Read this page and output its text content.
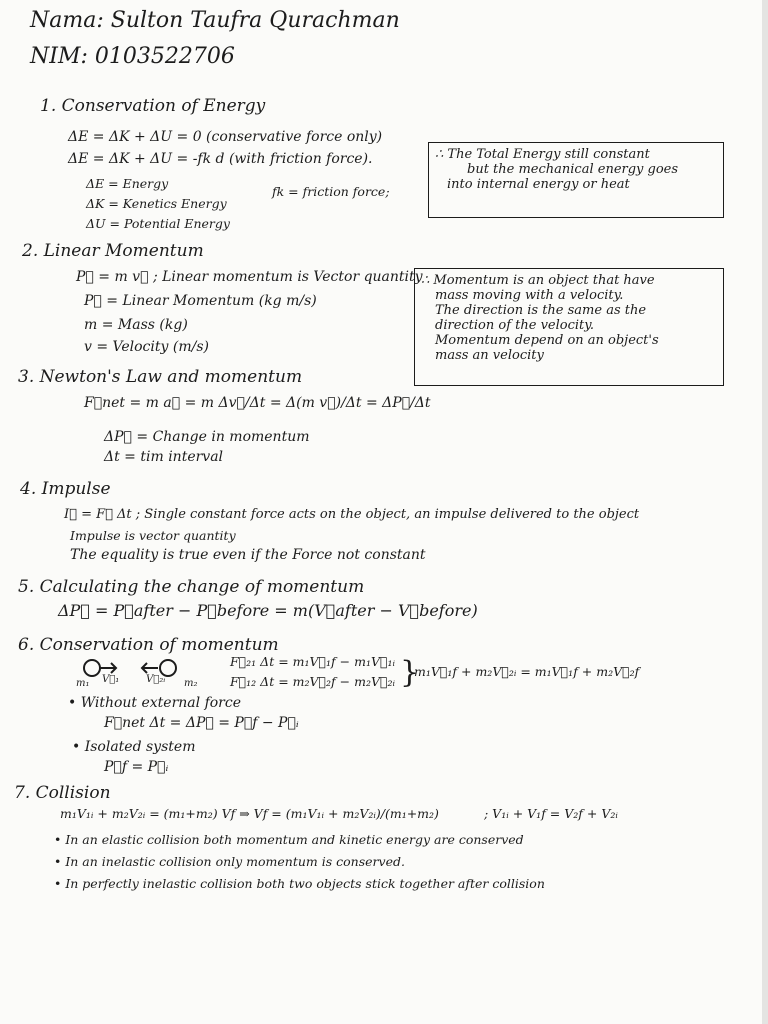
Nama: Sulton Taufra Qurachman
NIM: 0103522706
1. Conservation of Energy
ΔE = ΔK + ΔU = 0 (conservative force only)
ΔE = ΔK + ΔU = -fk d (with friction force).
ΔE = Energy
ΔK = Kenetics Energy
ΔU = Potential Energy
fk = friction force;
∴ The Total Energy still constant
but the mechanical energy goes
into internal energy or heat
2. Linear Momentum
P⃗ = m v⃗ ; Linear momentum is Vector quantity
P⃗ = Linear Momentum (kg m/s)
m = Mass (kg)
v = Velocity (m/s)
∴ Momentum is an object that have
mass moving with a velocity.
The direction is the same as the
direction of the velocity.
Momentum depend on an object's
mass an velocity
3. Newton's Law and momentum
F⃗net = m a⃗ = m Δv⃗/Δt = Δ(m v⃗)/Δt = ΔP⃗/Δt
ΔP⃗ = Change in momentum
Δt = tim interval
4. Impulse
I⃗ = F⃗ Δt ; Single constant force acts on the object, an impulse delivered to the object
Impulse is vector quantity
The equality is true even if the Force not constant
5. Calculating the change of momentum
ΔP⃗ = P⃗after − P⃗before = m(V⃗after − V⃗before)
6. Conservation of momentum
m₁ V⃗₁	V⃗₂ᵢ m₂
F⃗₂₁ Δt = m₁V⃗₁f − m₁V⃗₁ᵢ
F⃗₁₂ Δt = m₂V⃗₂f − m₂V⃗₂ᵢ }
m₁V⃗₁f + m₂V⃗₂ᵢ = m₁V⃗₁f + m₂V⃗₂f
• Without external force
F⃗net Δt = ΔP⃗ = P⃗f − P⃗ᵢ
• Isolated system
P⃗f = P⃗ᵢ
7. Collision
m₁V₁ᵢ + m₂V₂ᵢ = (m₁+m₂) Vf ⇒ Vf = (m₁V₁ᵢ + m₂V₂ᵢ)/(m₁+m₂)	; V₁ᵢ + V₁f = V₂f + V₂ᵢ
• In an elastic collision both momentum and kinetic energy are conserved
• In an inelastic collision only momentum is conserved.
• In perfectly inelastic collision both two objects stick together after collision
